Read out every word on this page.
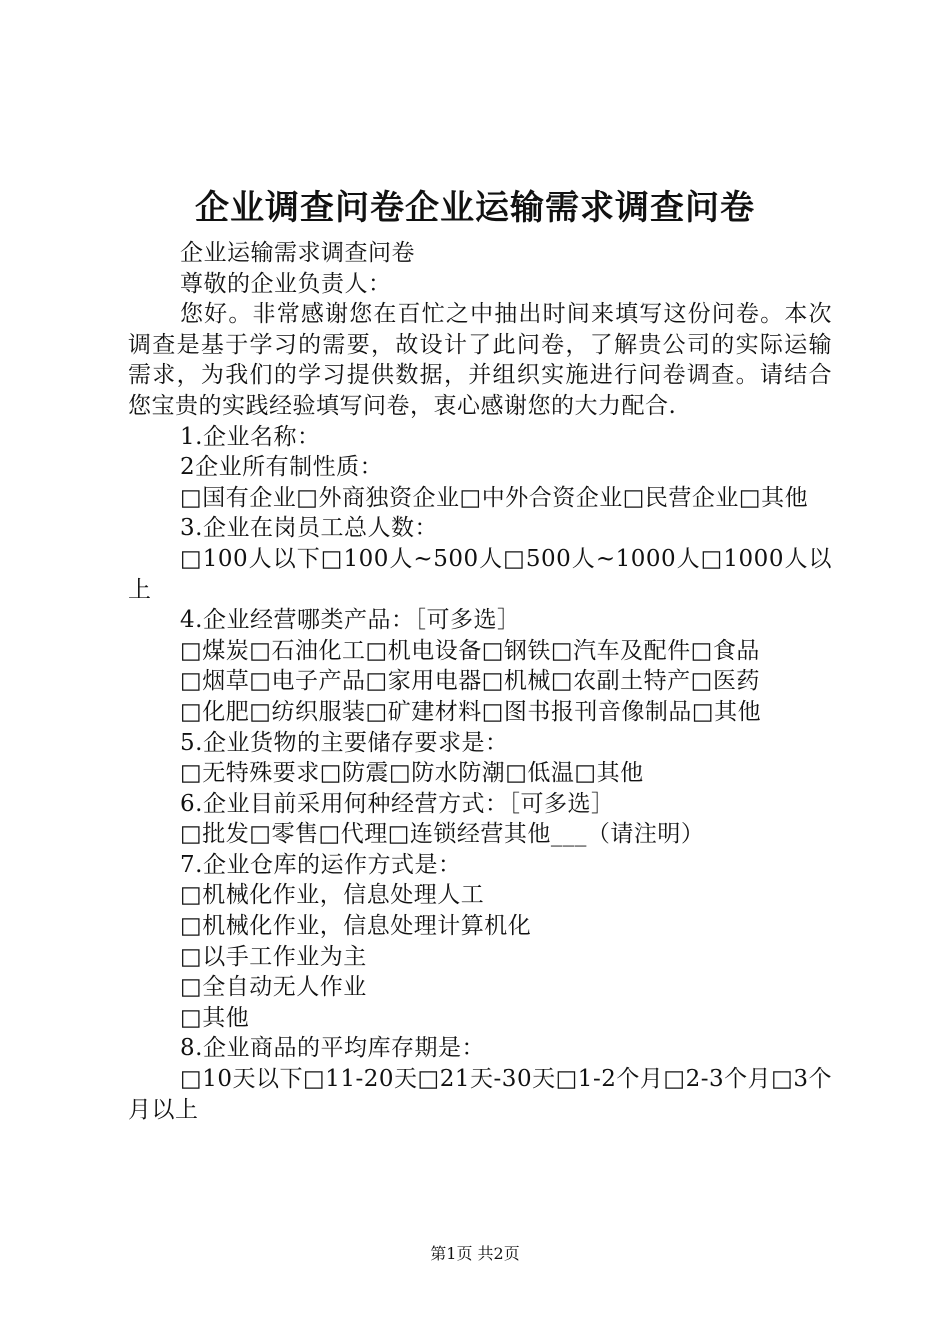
企业调查问卷企业运输需求调查问卷

企业运输需求调查问卷

尊敬的企业负责人：

您好。非常感谢您在百忙之中抽出时间来填写这份问卷。本次调查是基于学习的需要，故设计了此问卷，了解贵公司的实际运输需求，为我们的学习提供数据，并组织实施进行问卷调查。请结合您宝贵的实践经验填写问卷，衷心感谢您的大力配合.

1.企业名称：

2企业所有制性质：

□国有企业□外商独资企业□中外合资企业□民营企业□其他

3.企业在岗员工总人数：

□100人以下□100人~500人□500人~1000人□1000人以上

4.企业经营哪类产品：［可多选］

□煤炭□石油化工□机电设备□钢铁□汽车及配件□食品

□烟草□电子产品□家用电器□机械□农副土特产□医药

□化肥□纺织服装□矿建材料□图书报刊音像制品□其他

5.企业货物的主要储存要求是：

□无特殊要求□防震□防水防潮□低温□其他

6.企业目前采用何种经营方式：［可多选］

□批发□零售□代理□连锁经营其他___（请注明）

7.企业仓库的运作方式是：

□机械化作业，信息处理人工

□机械化作业，信息处理计算机化

□以手工作业为主

□全自动无人作业

□其他

8.企业商品的平均库存期是：

□10天以下□11-20天□21天-30天□1-2个月□2-3个月□3个月以上

第1页 共2页
